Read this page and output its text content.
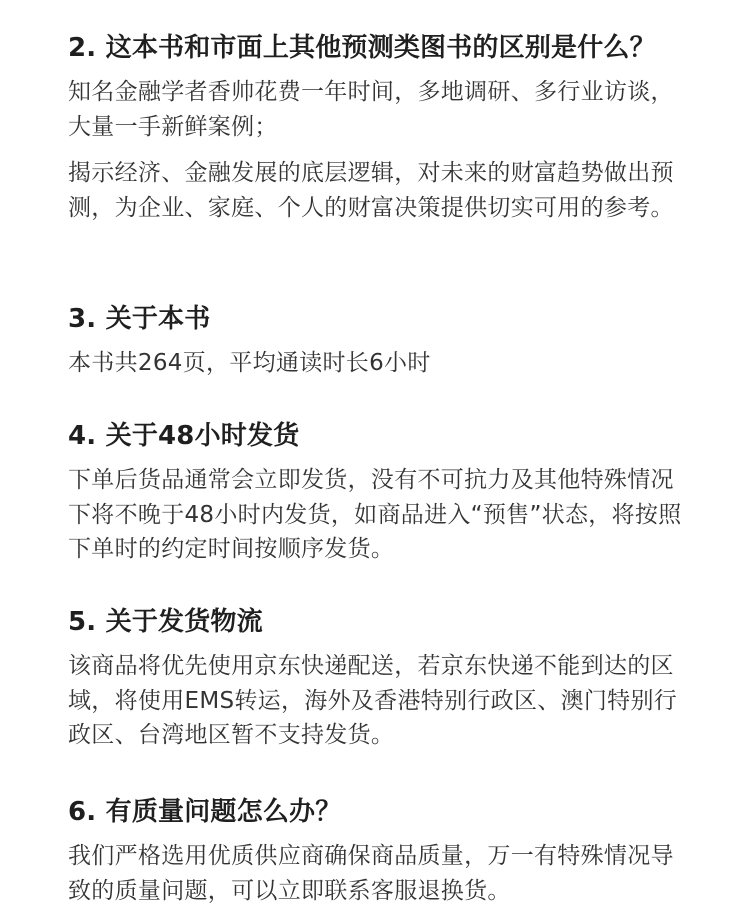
2. 这本书和市面上其他预测类图书的区别是什么？

知名金融学者香帅花费一年时间，多地调研、多行业访谈，大量一手新鲜案例；

揭示经济、金融发展的底层逻辑，对未来的财富趋势做出预测，为企业、家庭、个人的财富决策提供切实可用的参考。

3. 关于本书

本书共264页，平均通读时长6小时

4. 关于48小时发货

下单后货品通常会立即发货，没有不可抗力及其他特殊情况下将不晚于48小时内发货，如商品进入“预售”状态，将按照下单时的约定时间按顺序发货。

5. 关于发货物流

该商品将优先使用京东快递配送，若京东快递不能到达的区域，将使用EMS转运，海外及香港特别行政区、澳门特别行政区、台湾地区暂不支持发货。

6. 有质量问题怎么办？

我们严格选用优质供应商确保商品质量，万一有特殊情况导致的质量问题，可以立即联系客服退换货。
